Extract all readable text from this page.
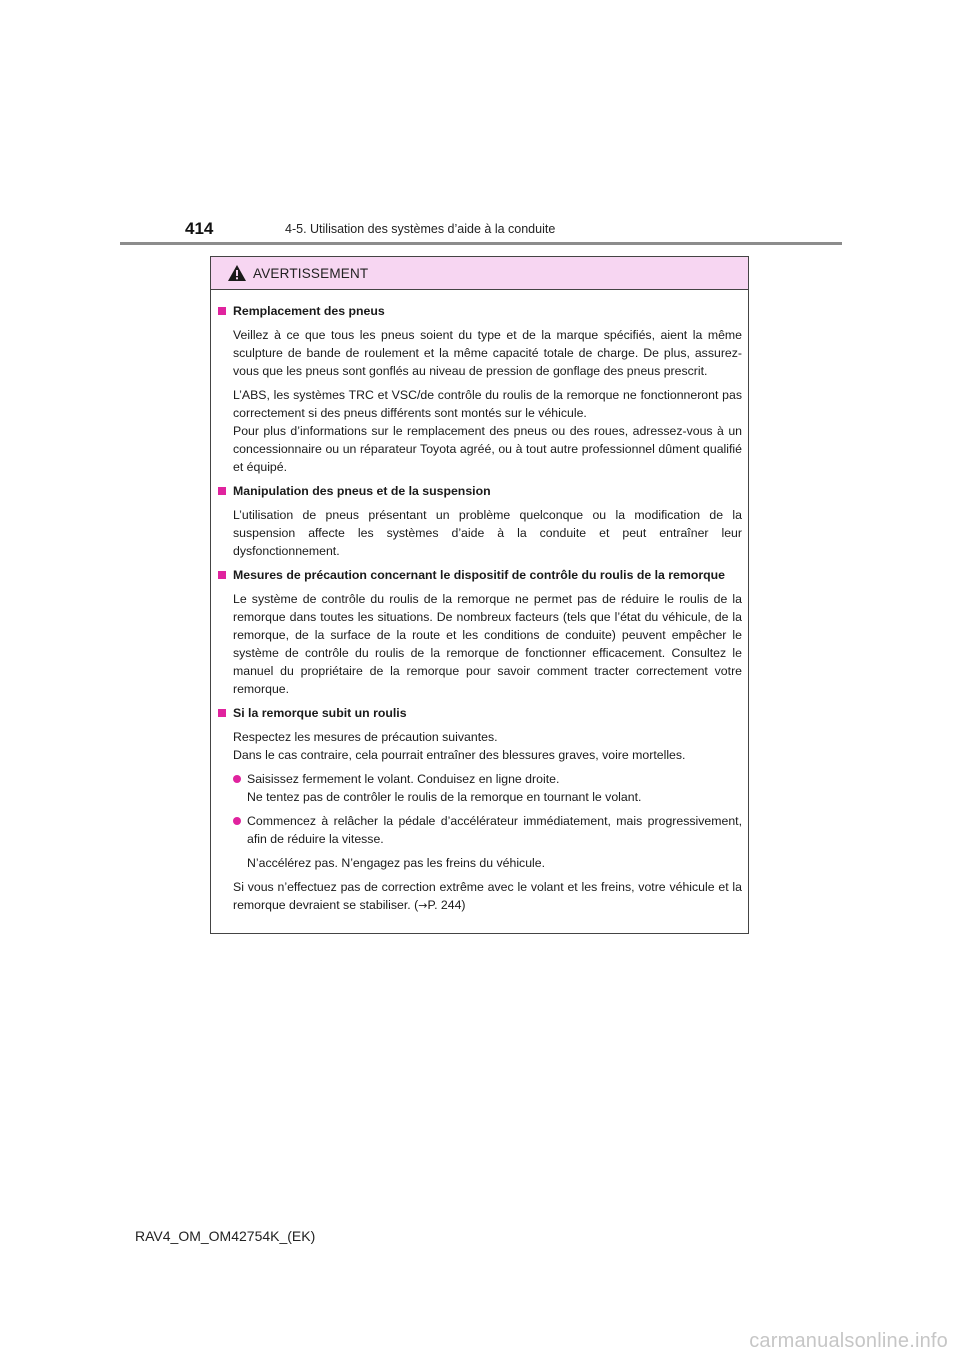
414	4-5. Utilisation des systèmes d’aide à la conduite
AVERTISSEMENT
Remplacement des pneus
Veillez à ce que tous les pneus soient du type et de la marque spécifiés, aient la même sculpture de bande de roulement et la même capacité totale de charge. De plus, assurez-vous que les pneus sont gonflés au niveau de pression de gonflage des pneus prescrit.
L’ABS, les systèmes TRC et VSC/de contrôle du roulis de la remorque ne fonctionneront pas correctement si des pneus différents sont montés sur le véhicule.
Pour plus d’informations sur le remplacement des pneus ou des roues, adressez-vous à un concessionnaire ou un réparateur Toyota agréé, ou à tout autre professionnel dûment qualifié et équipé.
Manipulation des pneus et de la suspension
L’utilisation de pneus présentant un problème quelconque ou la modification de la suspension affecte les systèmes d’aide à la conduite et peut entraîner leur dysfonctionnement.
Mesures de précaution concernant le dispositif de contrôle du roulis de la remorque
Le système de contrôle du roulis de la remorque ne permet pas de réduire le roulis de la remorque dans toutes les situations. De nombreux facteurs (tels que l’état du véhicule, de la remorque, de la surface de la route et les conditions de conduite) peuvent empêcher le système de contrôle du roulis de la remorque de fonctionner efficacement. Consultez le manuel du propriétaire de la remorque pour savoir comment tracter correctement votre remorque.
Si la remorque subit un roulis
Respectez les mesures de précaution suivantes.
Dans le cas contraire, cela pourrait entraîner des blessures graves, voire mortelles.
Saisissez fermement le volant. Conduisez en ligne droite.
Ne tentez pas de contrôler le roulis de la remorque en tournant le volant.
Commencez à relâcher la pédale d’accélérateur immédiatement, mais progressivement, afin de réduire la vitesse.
N’accélérez pas. N’engagez pas les freins du véhicule.
Si vous n’effectuez pas de correction extrême avec le volant et les freins, votre véhicule et la remorque devraient se stabiliser. (→P. 244)
RAV4_OM_OM42754K_(EK)
carmanualsonline.info
